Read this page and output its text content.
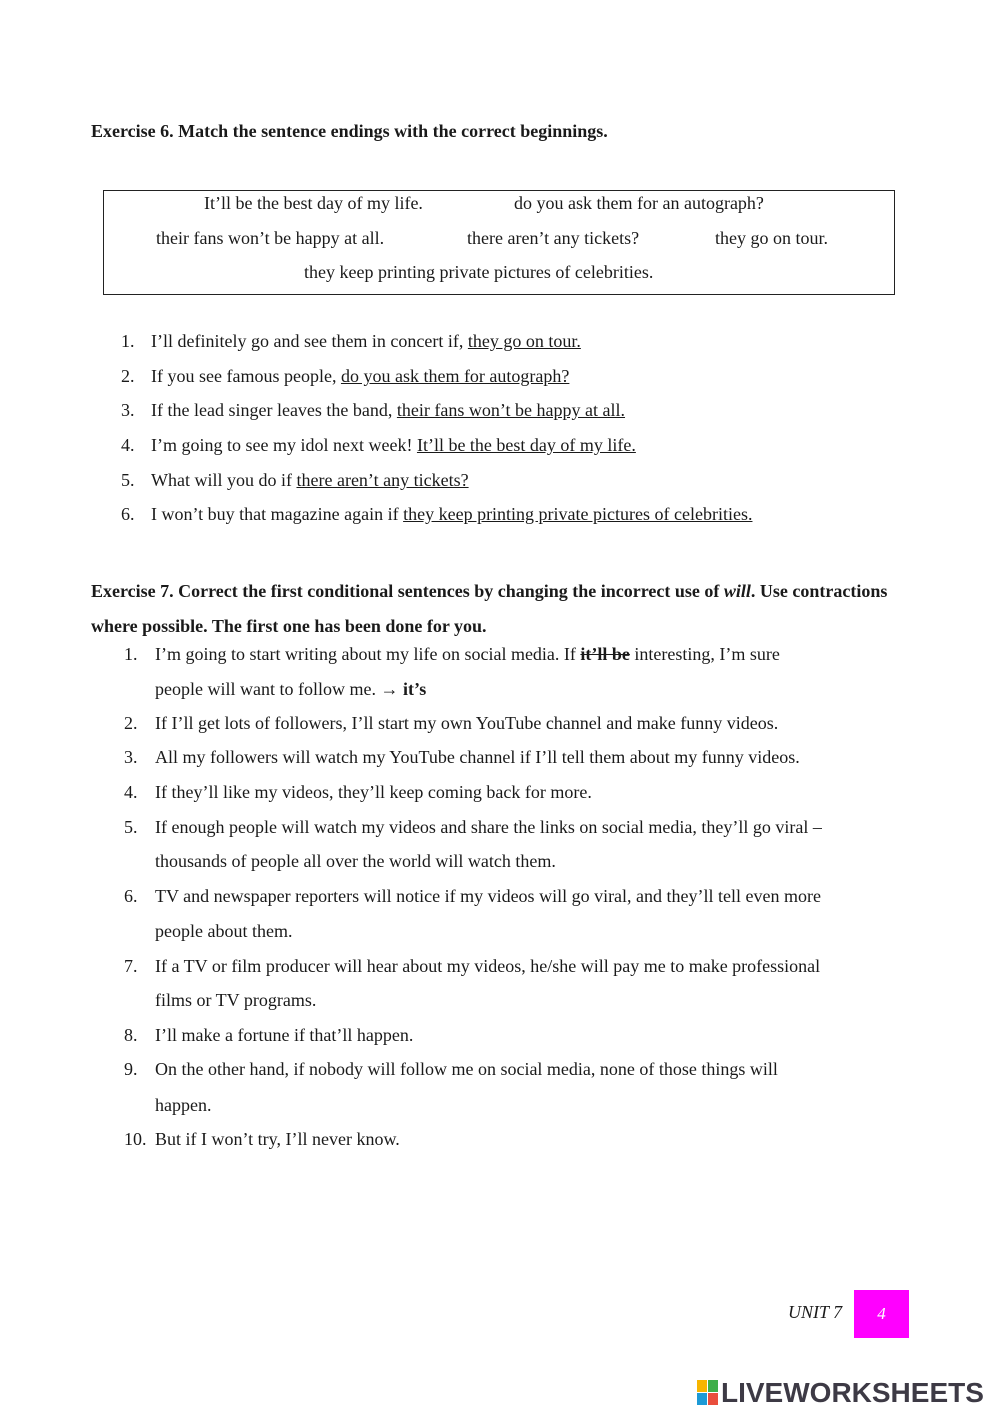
Exercise 6. Match the sentence endings with the correct beginnings.
It’ll be the best day of my life.	do you ask them for an autograph?
their fans won’t be happy at all.	there aren’t any tickets?	they go on tour.
they keep printing private pictures of celebrities.
1. I’ll definitely go and see them in concert if, they go on tour.
2. If you see famous people, do you ask them for autograph?
3. If the lead singer leaves the band, their fans won’t be happy at all.
4. I’m going to see my idol next week! It’ll be the best day of my life.
5. What will you do if there aren’t any tickets?
6. I won’t buy that magazine again if they keep printing private pictures of celebrities.
Exercise 7. Correct the first conditional sentences by changing the incorrect use of will. Use contractions where possible. The first one has been done for you.
1. I’m going to start writing about my life on social media. If it’ll be interesting, I’m sure
people will want to follow me. → it’s
2. If I’ll get lots of followers, I’ll start my own YouTube channel and make funny videos.
3. All my followers will watch my YouTube channel if I’ll tell them about my funny videos.
4. If they’ll like my videos, they’ll keep coming back for more.
5. If enough people will watch my videos and share the links on social media, they’ll go viral –
thousands of people all over the world will watch them.
6. TV and newspaper reporters will notice if my videos will go viral, and they’ll tell even more
people about them.
7. If a TV or film producer will hear about my videos, he/she will pay me to make professional
films or TV programs.
8. I’ll make a fortune if that’ll happen.
9. On the other hand, if nobody will follow me on social media, none of those things will
happen.
10. But if I won’t try, I’ll never know.
UNIT 7	4
LIVEWORKSHEETS
